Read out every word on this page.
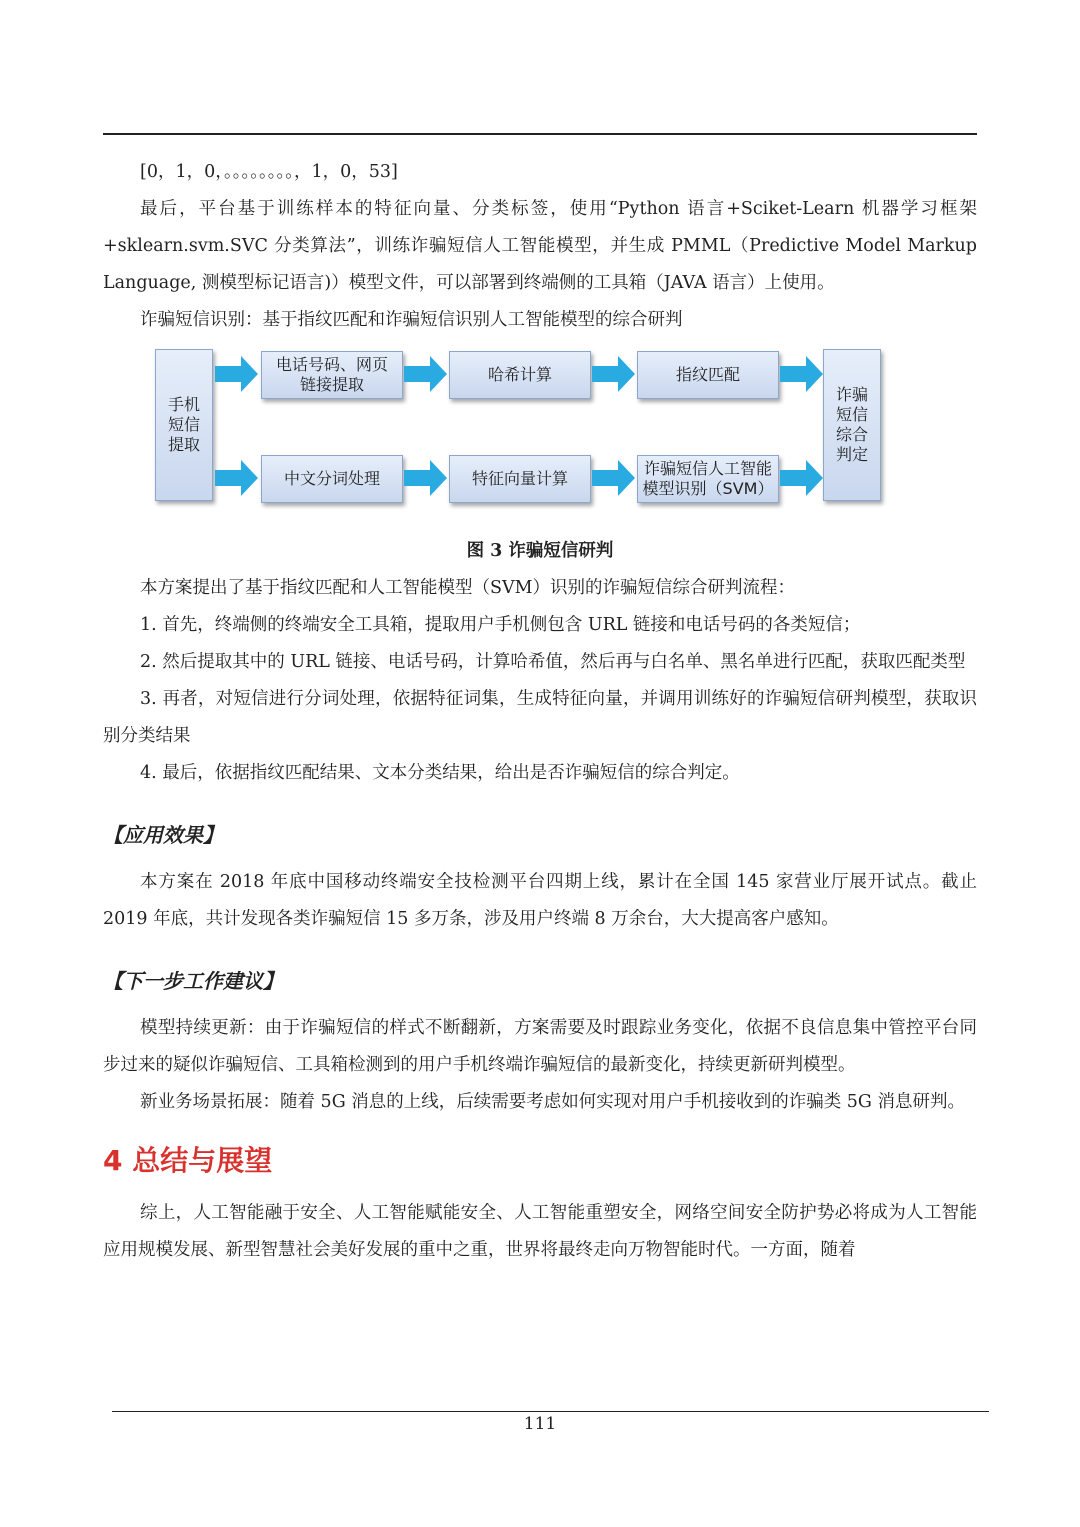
[0，1，0，。。。。。。。。，1，0，53]

最后，平台基于训练样本的特征向量、分类标签，使用“Python 语言+Sciket-Learn 机器学习框架+sklearn.svm.SVC 分类算法”，训练诈骗短信人工智能模型，并生成 PMML（Predictive Model Markup Language, 测模型标记语言)）模型文件，可以部署到终端侧的工具箱（JAVA 语言）上使用。

诈骗短信识别：基于指纹匹配和诈骗短信识别人工智能模型的综合研判

手机短信提取
电话号码、网页链接提取
哈希计算	指纹匹配
中文分词处理	特征向量计算
诈骗短信人工智能模型识别（SVM）
诈骗短信综合判定
图 3 诈骗短信研判

本方案提出了基于指纹匹配和人工智能模型（SVM）识别的诈骗短信综合研判流程：

1. 首先，终端侧的终端安全工具箱，提取用户手机侧包含 URL 链接和电话号码的各类短信；

2. 然后提取其中的 URL 链接、电话号码，计算哈希值，然后再与白名单、黑名单进行匹配，获取匹配类型

3. 再者，对短信进行分词处理，依据特征词集，生成特征向量，并调用训练好的诈骗短信研判模型，获取识别分类结果

4. 最后，依据指纹匹配结果、文本分类结果，给出是否诈骗短信的综合判定。

【应用效果】

本方案在 2018 年底中国移动终端安全技检测平台四期上线，累计在全国 145 家营业厅展开试点。截止 2019 年底，共计发现各类诈骗短信 15 多万条，涉及用户终端 8 万余台，大大提高客户感知。

【下一步工作建议】

模型持续更新：由于诈骗短信的样式不断翻新，方案需要及时跟踪业务变化，依据不良信息集中管控平台同步过来的疑似诈骗短信、工具箱检测到的用户手机终端诈骗短信的最新变化，持续更新研判模型。

新业务场景拓展：随着 5G 消息的上线，后续需要考虑如何实现对用户手机接收到的诈骗类 5G 消息研判。

4 总结与展望

综上，人工智能融于安全、人工智能赋能安全、人工智能重塑安全，网络空间安全防护势必将成为人工智能应用规模发展、新型智慧社会美好发展的重中之重，世界将最终走向万物智能时代。一方面，随着

111
